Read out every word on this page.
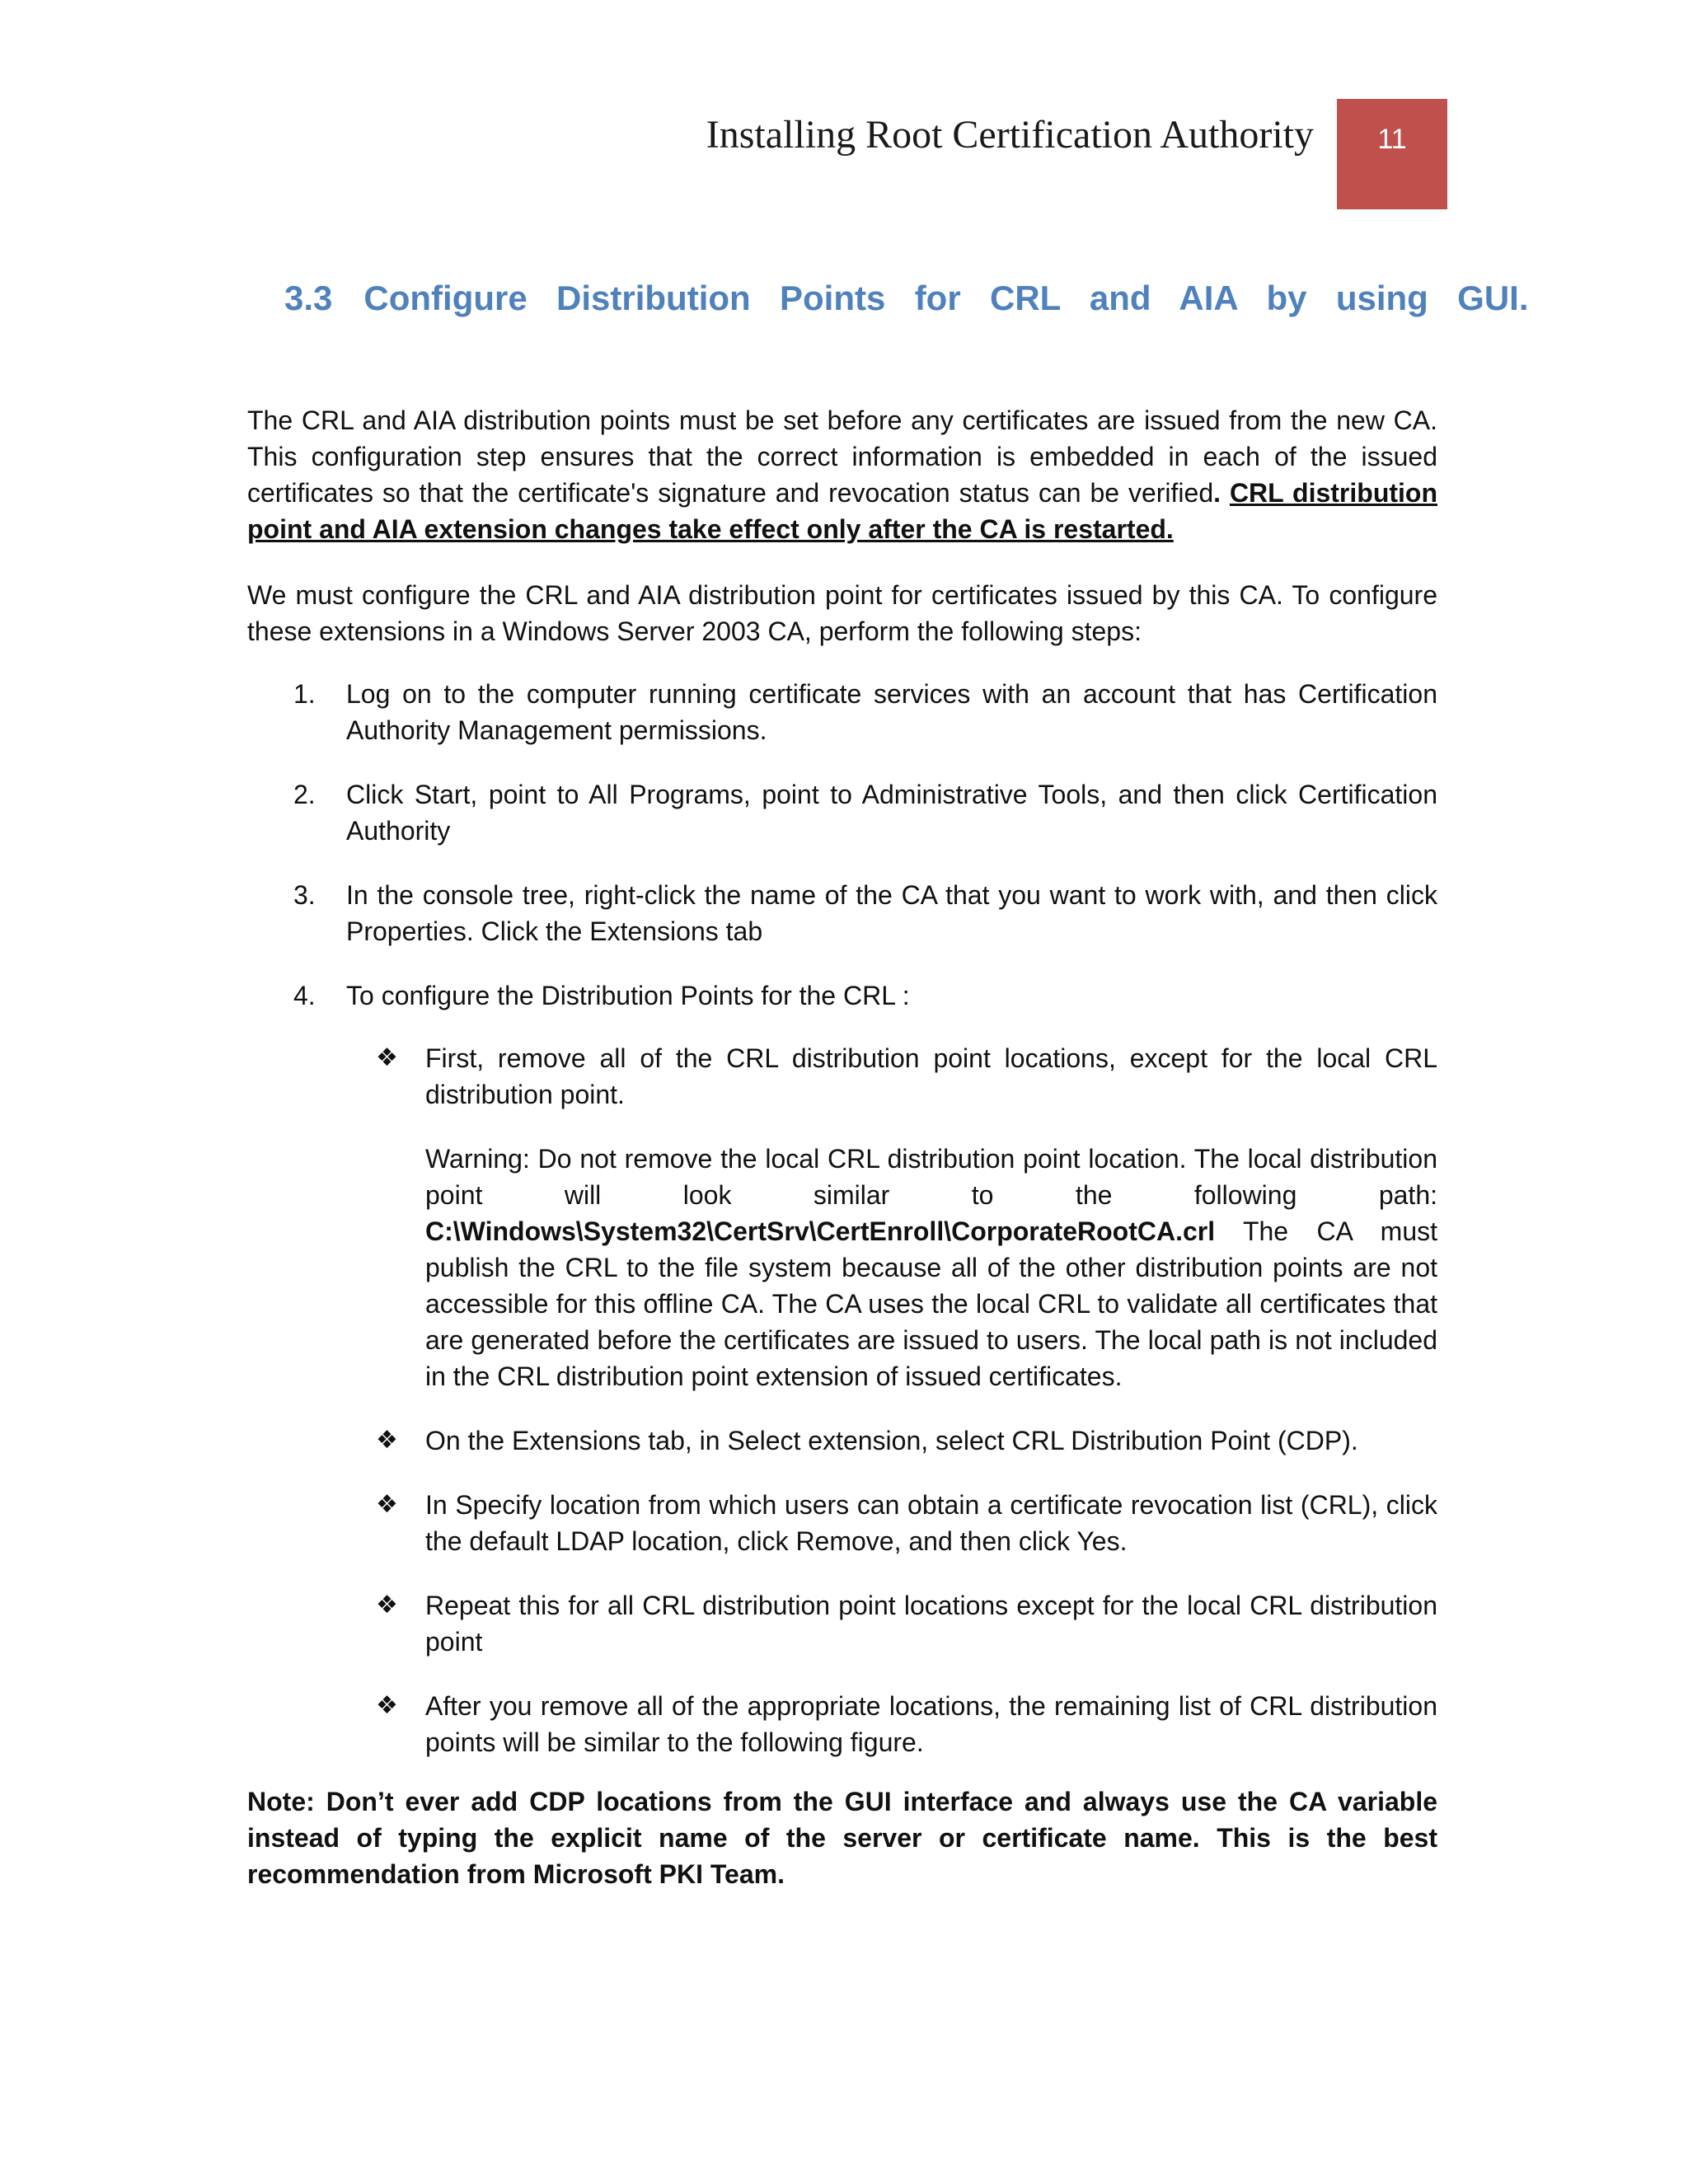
Installing Root Certification Authority 11
3.3 Configure  Distribution  Points  for  CRL  and  AIA  by  using  GUI.

The CRL and AIA distribution points must be set before any certificates are issued from the new CA. This configuration step ensures that the correct information is embedded in each of the issued certificates so that the certificate's signature and revocation status can be verified. CRL distribution point and AIA extension changes take effect only after the CA is restarted.

We must configure the CRL and AIA distribution point for certificates issued by this CA. To configure these extensions in a Windows Server 2003 CA, perform the following steps:

1. Log on to the computer running certificate services with an account that has Certification Authority Management permissions.
2. Click Start, point to All Programs, point to Administrative Tools, and then click Certification Authority
3. In the console tree, right-click the name of the CA that you want to work with, and then click Properties. Click the Extensions tab
4. To configure the Distribution Points for the CRL :
❖ First, remove all of the CRL distribution point locations, except for the local CRL distribution point.
Warning: Do not remove the local CRL distribution point location. The local distribution point will look similar to the following path: C:\Windows\System32\CertSrv\CertEnroll\CorporateRootCA.crl The CA must publish the CRL to the file system because all of the other distribution points are not accessible for this offline CA. The CA uses the local CRL to validate all certificates that are generated before the certificates are issued to users. The local path is not included in the CRL distribution point extension of issued certificates.
❖ On the Extensions tab, in Select extension, select CRL Distribution Point (CDP).
❖ In Specify location from which users can obtain a certificate revocation list (CRL), click the default LDAP location, click Remove, and then click Yes.
❖ Repeat this for all CRL distribution point locations except for the local CRL distribution point
❖ After you remove all of the appropriate locations, the remaining list of CRL distribution points will be similar to the following figure.
Note: Don’t ever add CDP locations from the GUI interface and always use the CA variable instead of typing the explicit name of the server or certificate name. This is the best recommendation from Microsoft PKI Team.
